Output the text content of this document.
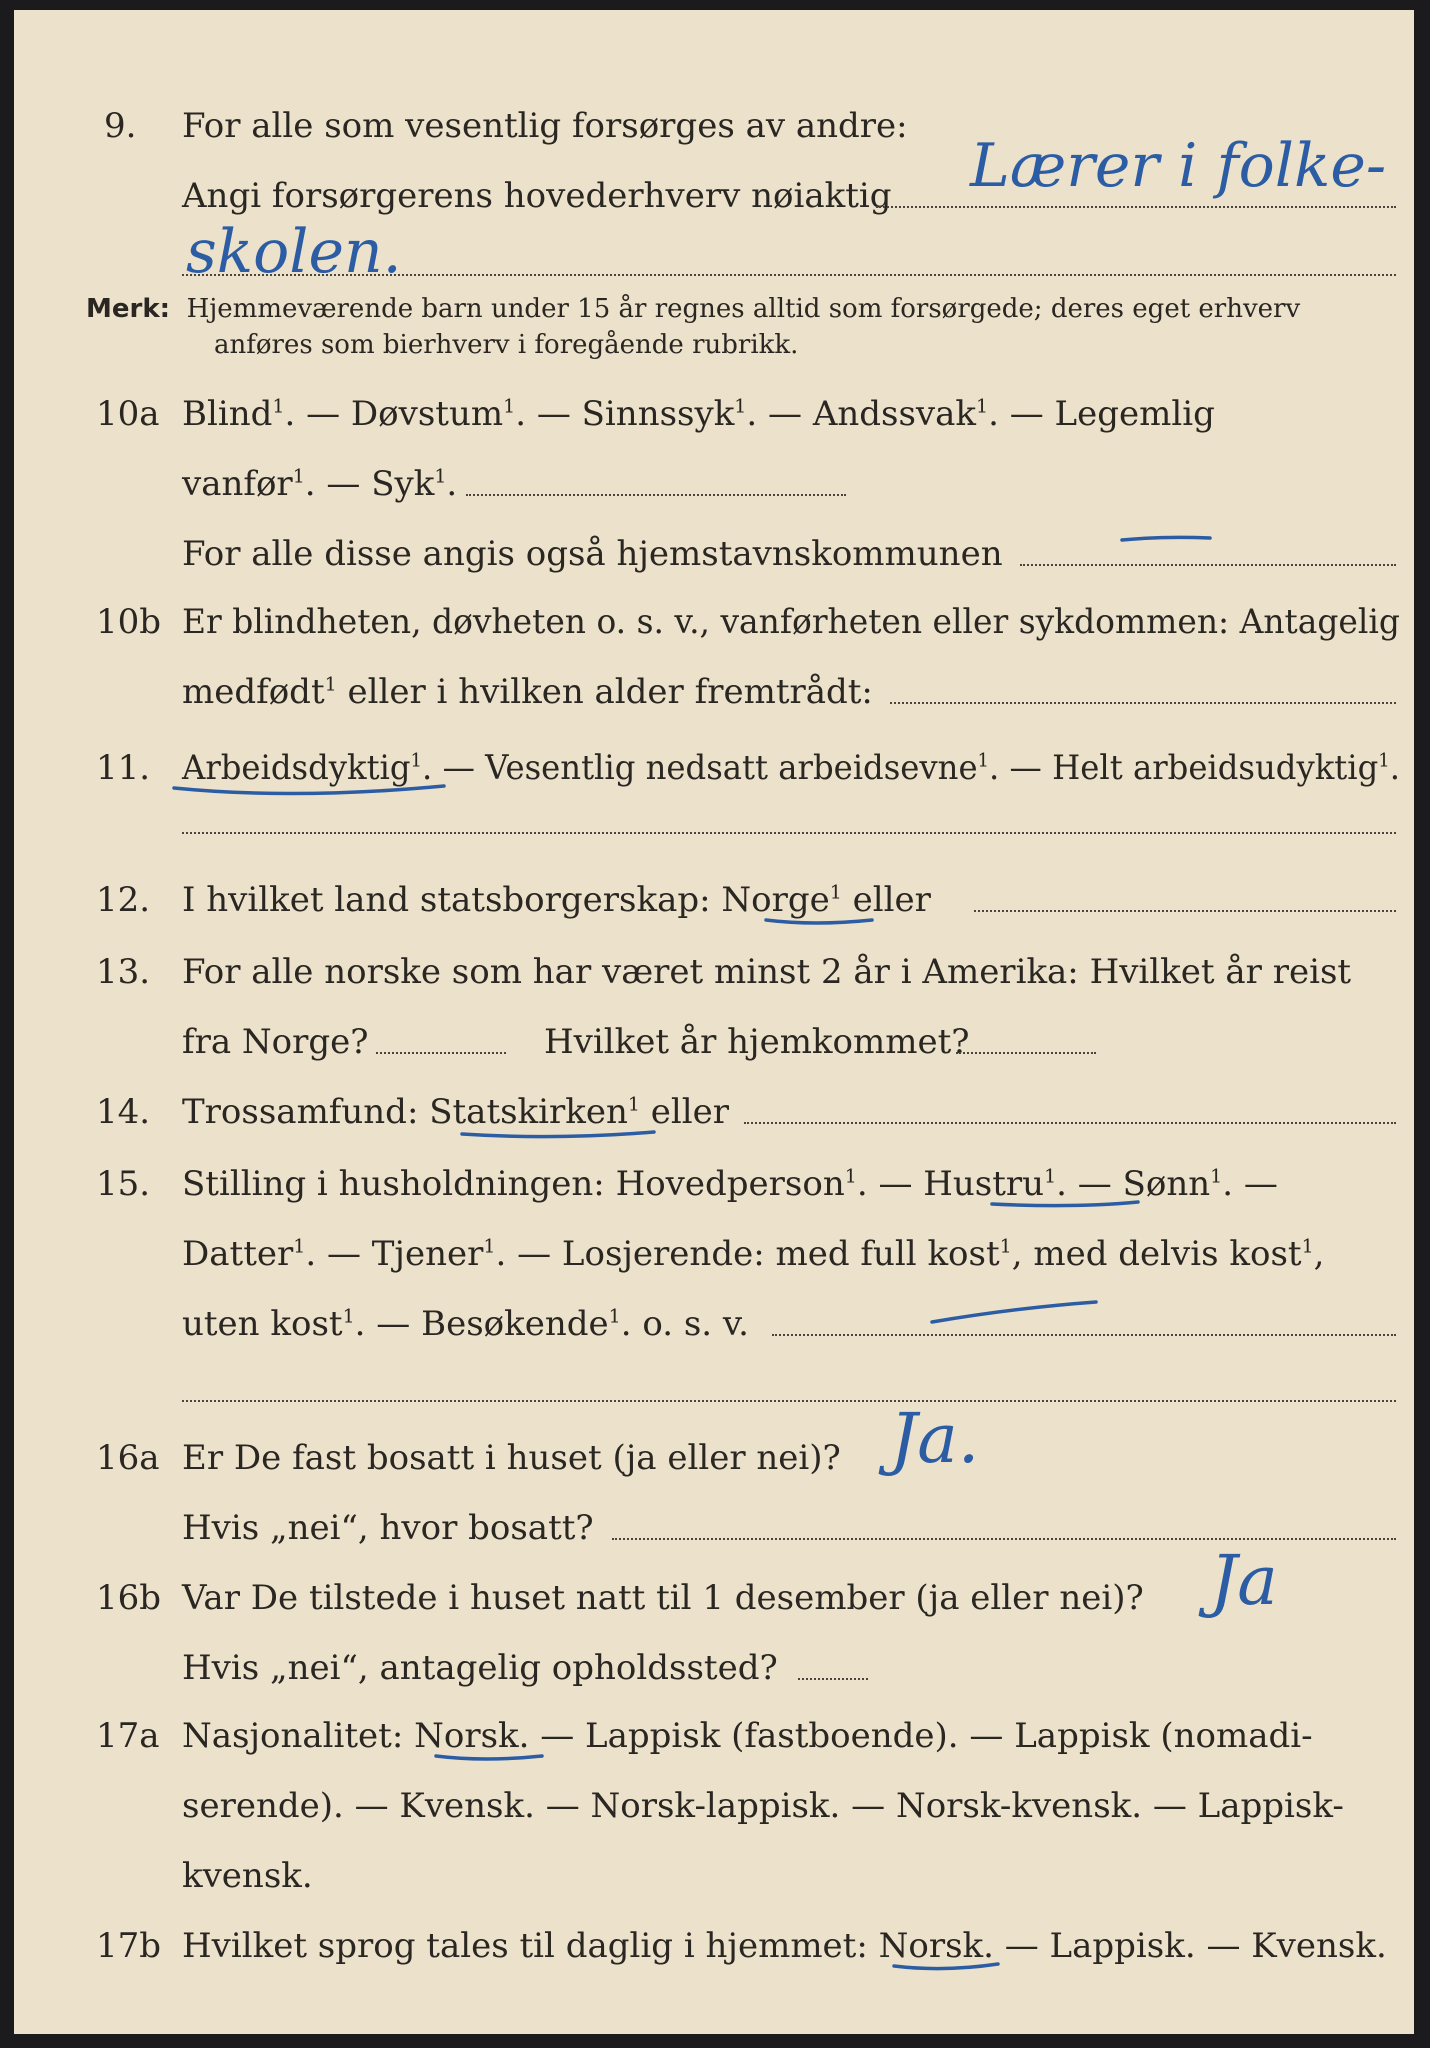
9. For alle som vesentlig forsørges av andre:
Angi forsørgerens hovederhverv nøiaktig Lærer i folke-
skolen.
Merk: Hjemmeværende barn under 15 år regnes alltid som forsørgede; deres eget erhverv
anføres som bierhverv i foregående rubrikk.
10a Blind$^1$. — Døvstum$^1$. — Sinnssyk$^1$. — Andssvak$^1$. — Legemlig
vanfør$^1$. — Syk$^1$.
For alle disse angis også hjemstavnskommunen
10b Er blindheten, døvheten o. s. v., vanførheten eller sykdommen: Antagelig
medfødt$^1$ eller i hvilken alder fremtrådt:
11. Arbeidsdyktig$^1$. — Vesentlig nedsatt arbeidsevne$^1$. — Helt arbeidsudyktig$^1$.
12. I hvilket land statsborgerskap: Norge$^1$ eller
13. For alle norske som har været minst 2 år i Amerika: Hvilket år reist
fra Norge?	Hvilket år hjemkommet?
14. Trossamfund: Statskirken$^1$ eller
15. Stilling i husholdningen: Hovedperson$^1$. — Hustru$^1$. — Sønn$^1$. —
Datter$^1$. — Tjener$^1$. — Losjerende: med full kost$^1$, med delvis kost$^1$,
uten kost$^1$. — Besøkende$^1$. o. s. v.
16a Er De fast bosatt i huset (ja eller nei)? Ja.
Hvis „nei“, hvor bosatt?
16b Var De tilstede i huset natt til 1 desember (ja eller nei)? Ja
Hvis „nei“, antagelig opholdssted?
17a Nasjonalitet: Norsk. — Lappisk (fastboende). — Lappisk (nomadi-
serende). — Kvensk. — Norsk-lappisk. — Norsk-kvensk. — Lappisk-
kvensk.
17b Hvilket sprog tales til daglig i hjemmet: Norsk. — Lappisk. — Kvensk.
